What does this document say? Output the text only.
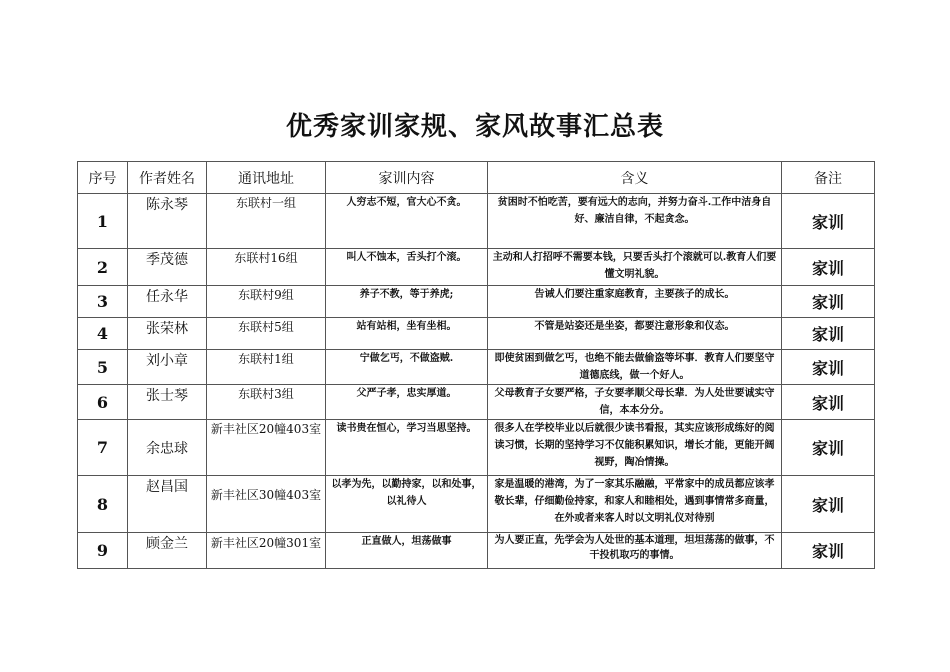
优秀家训家规、家风故事汇总表
序号	作者姓名	通讯地址	家训内容	含义	备注
1	陈永琴	东联村一组	人穷志不短，官大心不贪。	贫困时不怕吃苦，要有远大的志向，并努力奋斗.工作中洁身自好、廉洁自律，不起贪念。	家训
2	季茂德	东联村16组	叫人不蚀本，舌头打个滚。	主动和人打招呼不需要本钱，只要舌头打个滚就可以.教育人们要懂文明礼貌。	家训
3	任永华	东联村9组	养子不教，等于养虎;	告诫人们要注重家庭教育，主要孩子的成长。	家训
4	张荣林	东联村5组	站有站相，坐有坐相。	不管是站姿还是坐姿，都要注意形象和仪态。	家训
5	刘小章	东联村1组	宁做乞丐，不做盗贼.	即使贫困到做乞丐，也绝不能去做偷盗等坏事．教育人们要坚守道德底线，做一个好人。	家训
6	张士琴	东联村3组	父严子孝，忠实厚道。	父母教育子女要严格，子女要孝顺父母长辈．为人处世要诚实守信，本本分分。	家训
7	余忠球	新丰社区20幢403室	读书贵在恒心，学习当思坚持。	很多人在学校毕业以后就很少读书看报，其实应该形成练好的阅读习惯，长期的坚持学习不仅能积累知识，增长才能，更能开阔视野，陶冶情操。	家训
8	赵昌国	新丰社区30幢403室	以孝为先，以勤持家，以和处事，以礼待人	家是温暖的港湾，为了一家其乐融融，平常家中的成员都应该孝敬长辈，仔细勤俭持家，和家人和睦相处，遇到事情常多商量，在外或者来客人时以文明礼仪对待别	家训
9	顾金兰	新丰社区20幢301室	正直做人，坦荡做事	为人要正直，先学会为人处世的基本道理，坦坦荡荡的做事，不干投机取巧的事情。	家训
